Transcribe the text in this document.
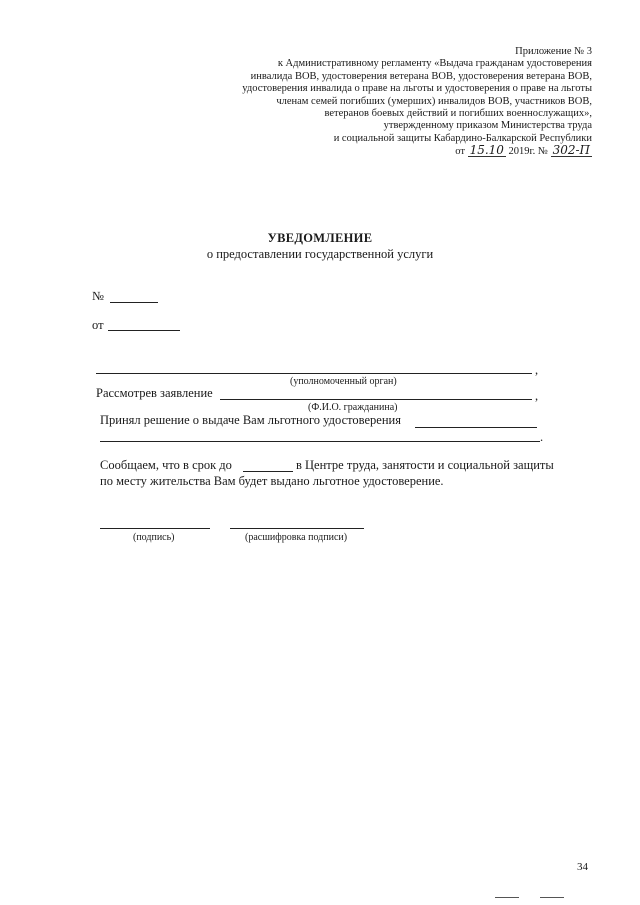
Приложение № 3
к Административному регламенту «Выдача гражданам удостоверения
инвалида ВОВ, удостоверения ветерана ВОВ, удостоверения ветерана ВОВ,
удостоверения инвалида о праве на льготы и удостоверения о праве на льготы
членам семей погибших (умерших) инвалидов ВОВ, участников ВОВ,
ветеранов боевых действий и погибших военнослужащих»,
утвержденному приказом Министерства труда
и социальной защиты Кабардино-Балкарской Республики
от 15.10 2019г. № 302-П
УВЕДОМЛЕНИЕ
о предоставлении государственной услуги
№
от
,
(уполномоченный орган)
Рассмотрев заявление	,
(Ф.И.О. гражданина)
Принял решение о выдаче Вам льготного удостоверения
.
Сообщаем, что в срок до	в Центре труда, занятости и социальной защиты
по месту жительства Вам будет выдано льготное удостоверение.
(подпись)	(расшифровка подписи)
34
